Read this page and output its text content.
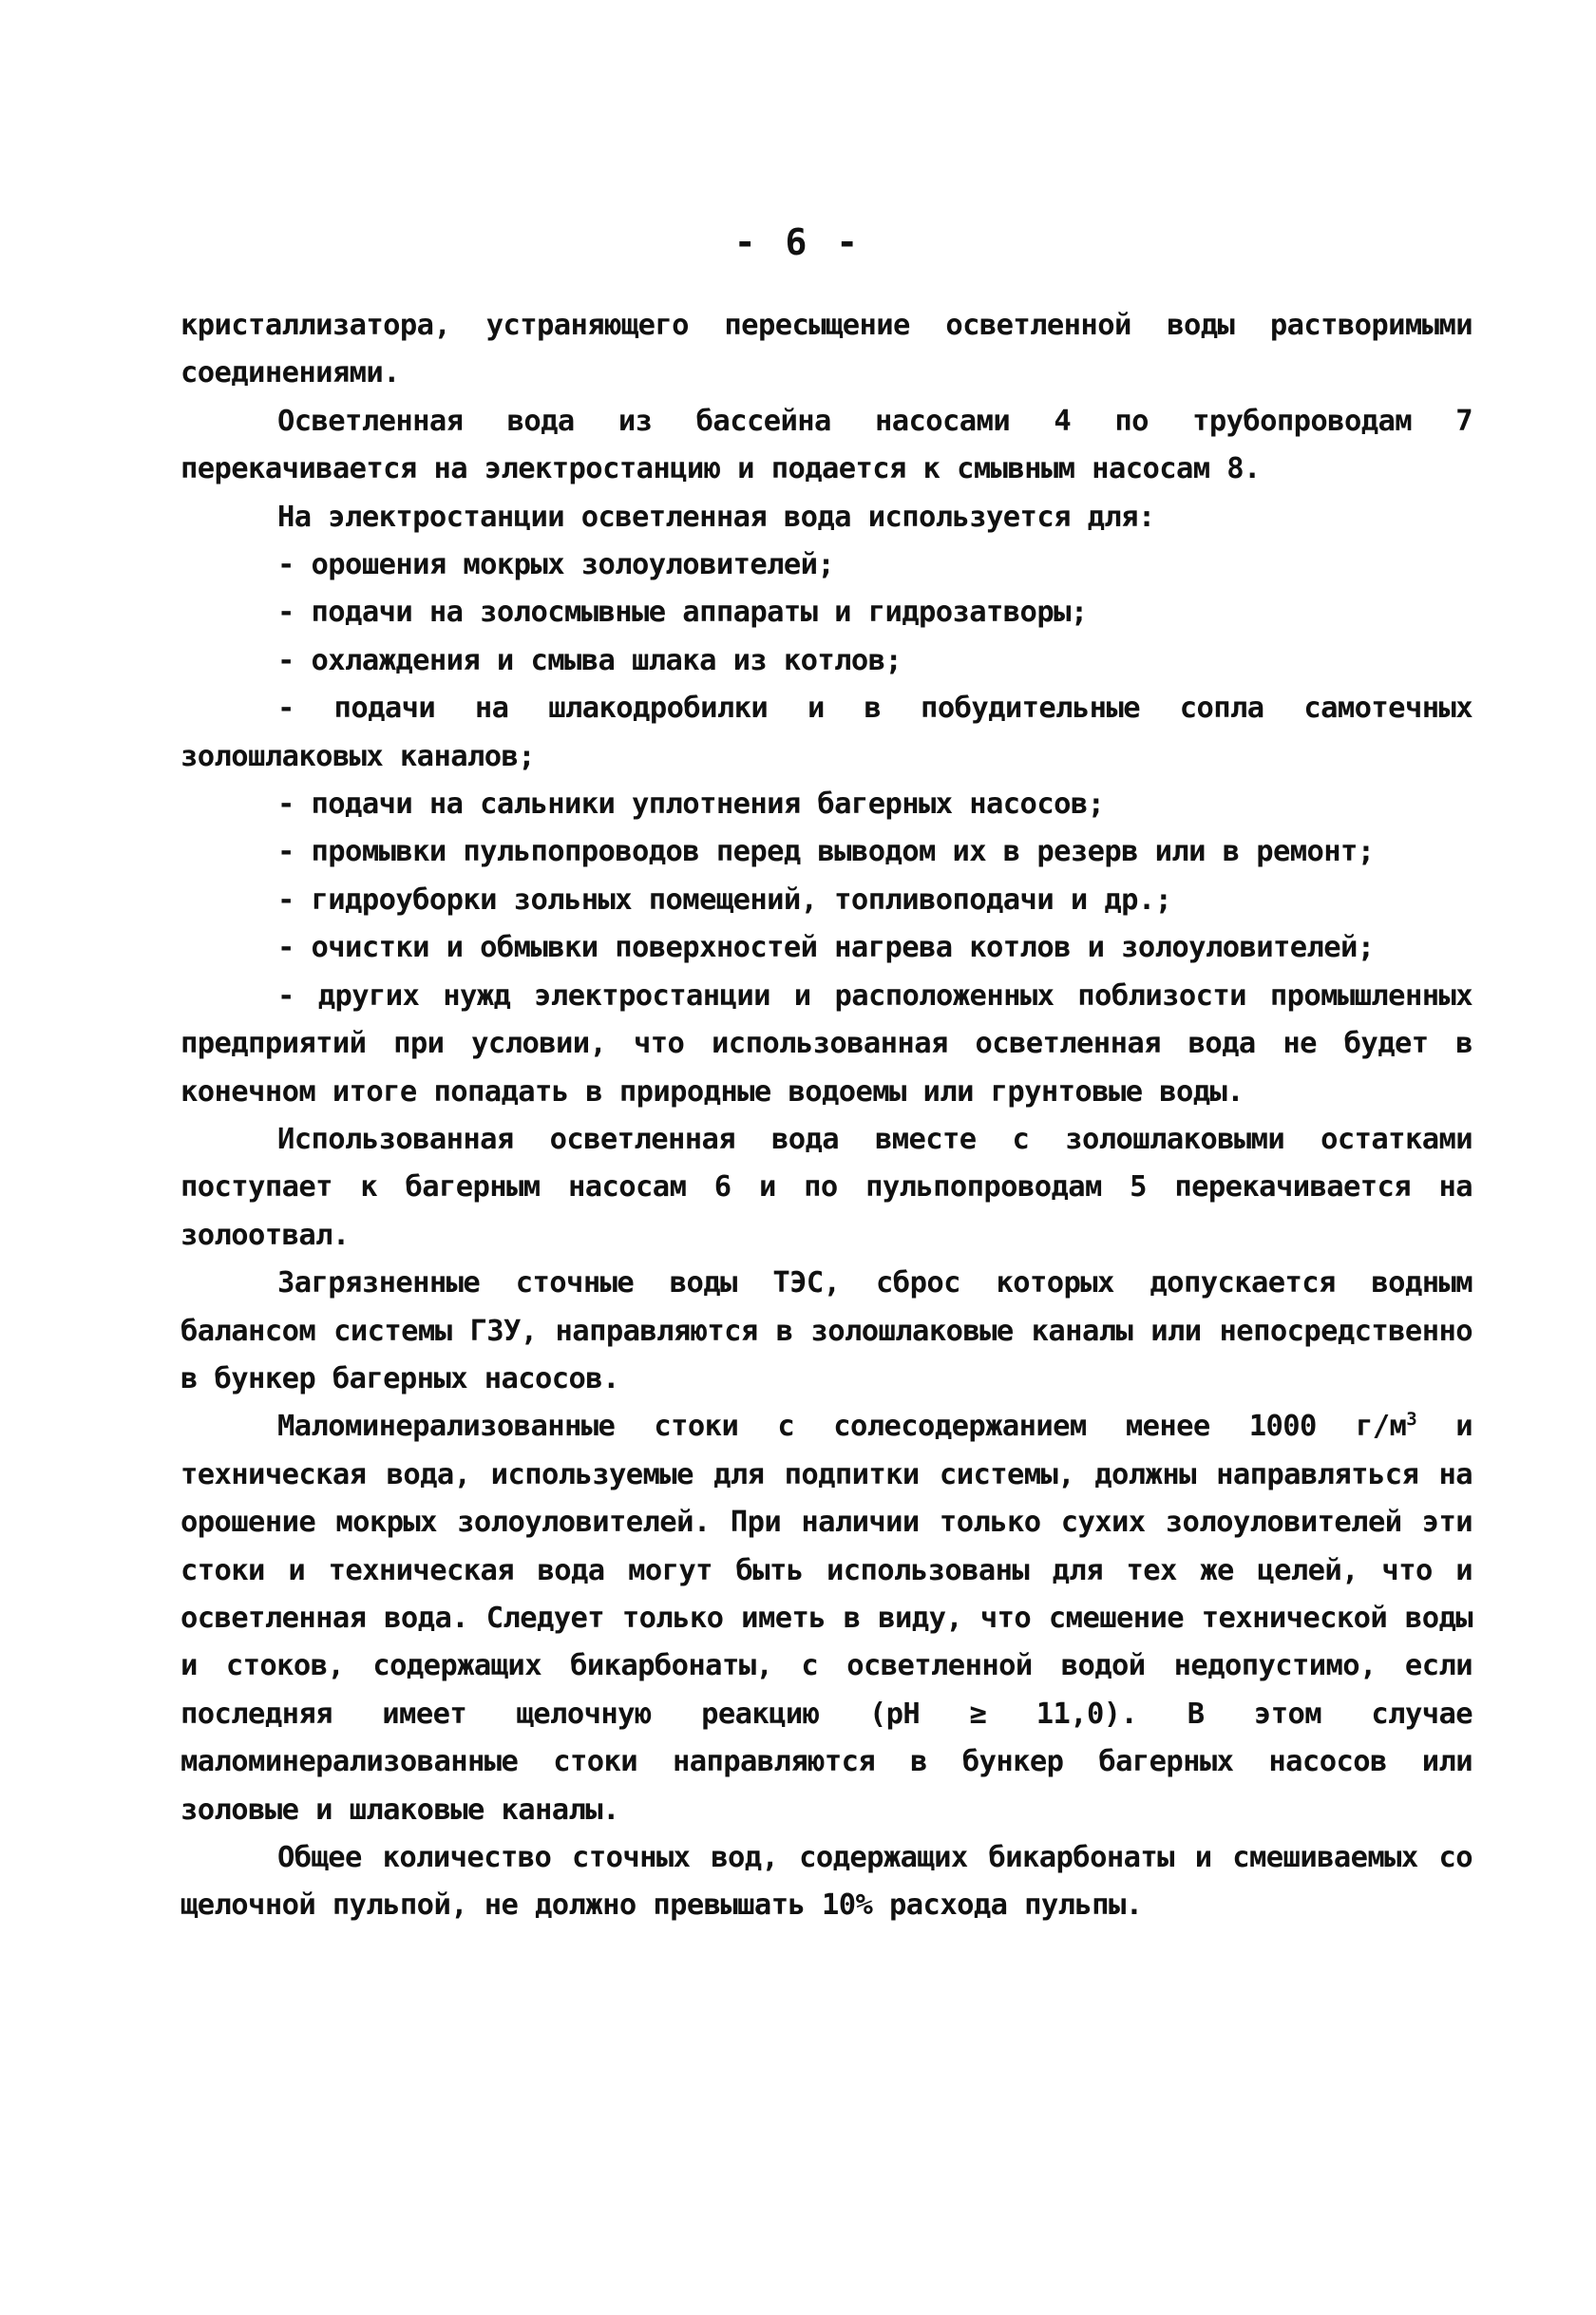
- 6 -

кристаллизатора, устраняющего пересыщение осветленной воды растворимыми соединениями.

Осветленная вода из бассейна насосами 4 по трубопроводам 7 перекачивается на электростанцию и подается к смывным насосам 8.

На электростанции осветленная вода используется для:

- орошения мокрых золоуловителей;

- подачи на золосмывные аппараты и гидрозатворы;

- охлаждения и смыва шлака из котлов;

- подачи на шлакодробилки и в побудительные сопла самотечных золошлаковых каналов;

- подачи на сальники уплотнения багерных насосов;

- промывки пульпопроводов перед выводом их в резерв или в ремонт;

- гидроуборки зольных помещений, топливоподачи и др.;

- очистки и обмывки поверхностей нагрева котлов и золоуловителей;

- других нужд электростанции и расположенных поблизости промышленных предприятий при условии, что использованная осветленная вода не будет в конечном итоге попадать в природные водоемы или грунтовые воды.

Использованная осветленная вода вместе с золошлаковыми остатками поступает к багерным насосам 6 и по пульпопроводам 5 перекачивается на золоотвал.

Загрязненные сточные воды ТЭС, сброс которых допускается водным балансом системы ГЗУ, направляются в золошлаковые каналы или непосредственно в бункер багерных насосов.

Маломинерализованные стоки с солесодержанием менее 1000 $г/м^3$ и техническая вода, используемые для подпитки системы, должны направляться на орошение мокрых золоуловителей. При наличии только сухих золоуловителей эти стоки и техническая вода могут быть использованы для тех же целей, что и осветленная вода. Следует только иметь в виду, что смешение технической воды и стоков, содержащих бикарбонаты, с осветленной водой недопустимо, если последняя имеет щелочную реакцию (pH ≥ 11,0). В этом случае маломинерализованные стоки направляются в бункер багерных насосов или золовые и шлаковые каналы.

Общее количество сточных вод, содержащих бикарбонаты и смешиваемых со щелочной пульпой, не должно превышать 10% расхода пульпы.
